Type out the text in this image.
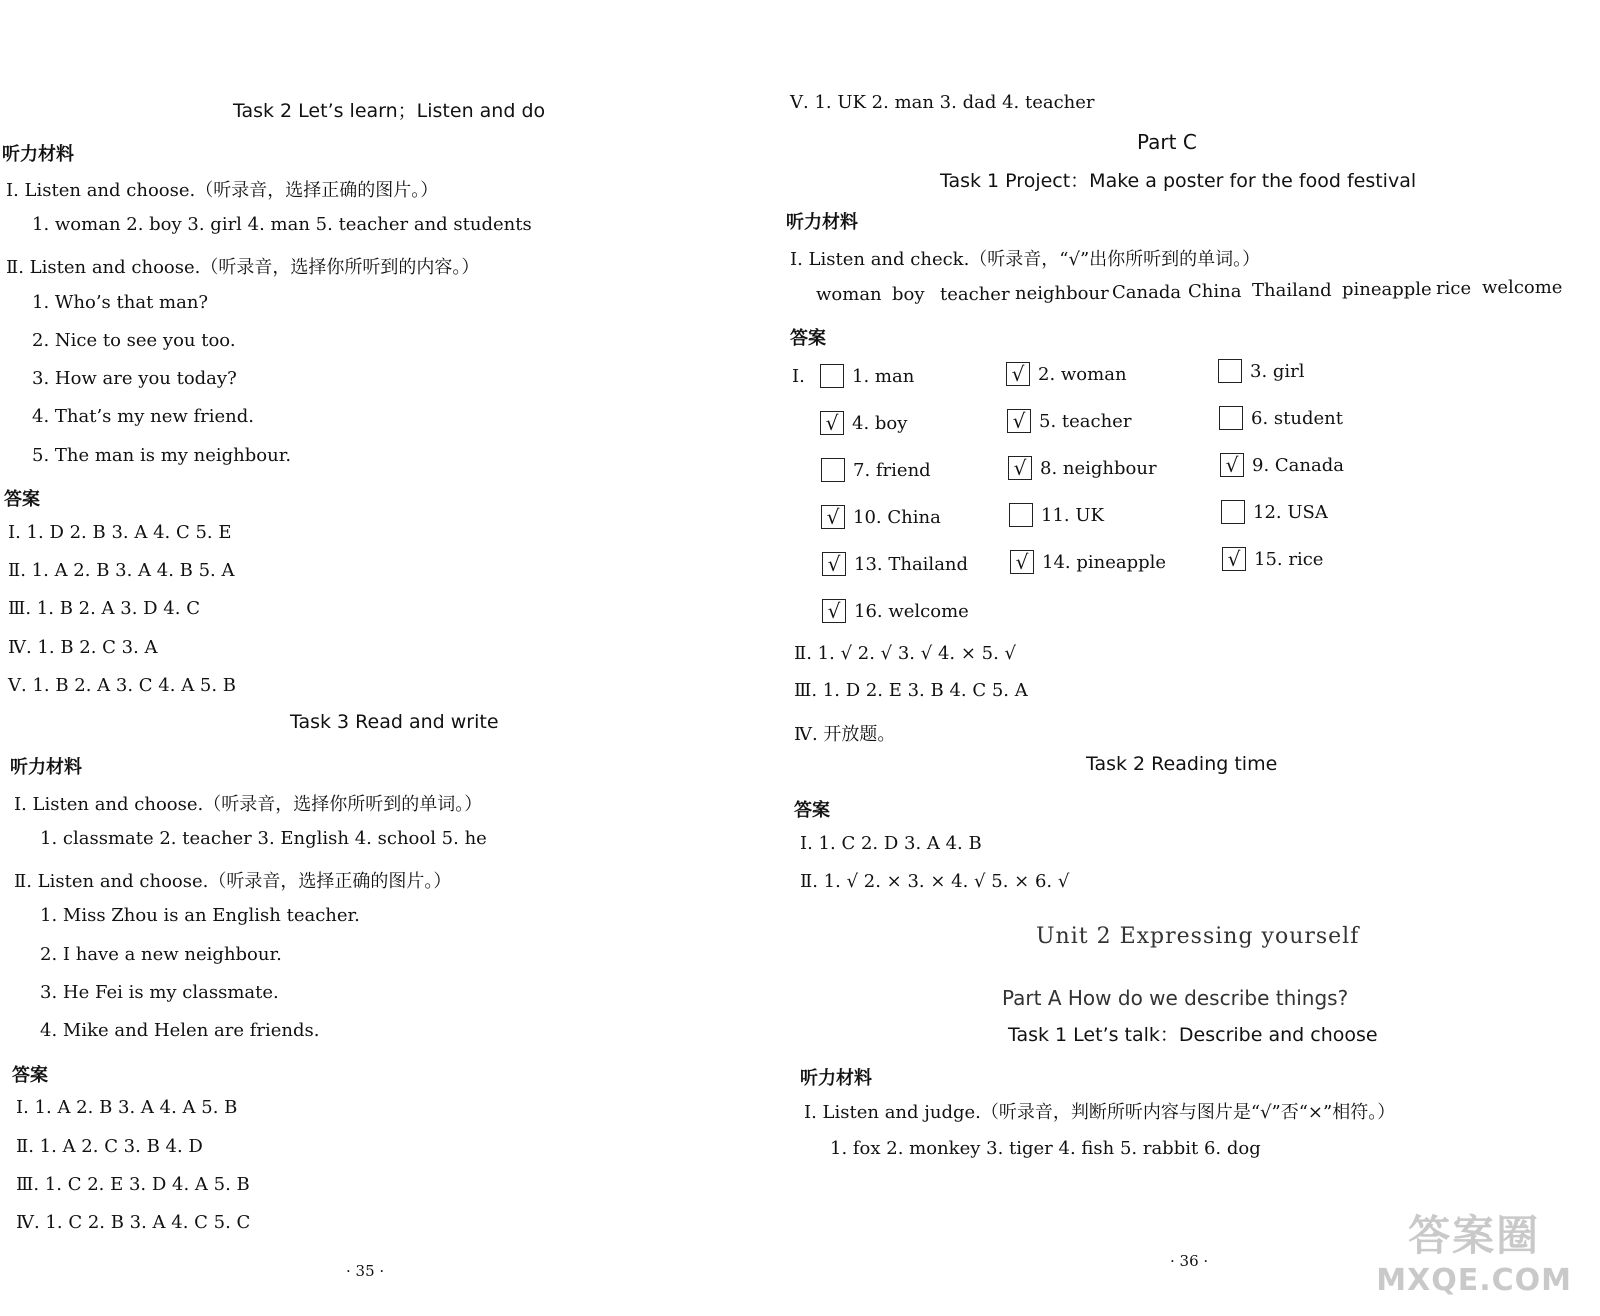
Task 2 Let’s learn；Listen and do
听力材料
Ⅰ. Listen and choose.（听录音，选择正确的图片。）
1. woman 2. boy 3. girl 4. man 5. teacher and students
Ⅱ. Listen and choose.（听录音，选择你所听到的内容。）
1. Who’s that man?
2. Nice to see you too.
3. How are you today?
4. That’s my new friend.
5. The man is my neighbour.
答案
Ⅰ. 1. D 2. B 3. A 4. C 5. E
Ⅱ. 1. A 2. B 3. A 4. B 5. A
Ⅲ. 1. B 2. A 3. D 4. C
Ⅳ. 1. B 2. C 3. A
Ⅴ. 1. B 2. A 3. C 4. A 5. B
Task 3 Read and write
听力材料
Ⅰ. Listen and choose.（听录音，选择你所听到的单词。）
1. classmate 2. teacher 3. English 4. school 5. he
Ⅱ. Listen and choose.（听录音，选择正确的图片。）
1. Miss Zhou is an English teacher.
2. I have a new neighbour.
3. He Fei is my classmate.
4. Mike and Helen are friends.
答案
Ⅰ. 1. A 2. B 3. A 4. A 5. B
Ⅱ. 1. A 2. C 3. B 4. D
Ⅲ. 1. C 2. E 3. D 4. A 5. B
Ⅳ. 1. C 2. B 3. A 4. C 5. C
· 35 ·
Ⅴ. 1. UK 2. man 3. dad 4. teacher
Part C
Task 1 Project：Make a poster for the food festival
听力材料
Ⅰ. Listen and check.（听录音，“√”出你所听到的单词。）
woman boy teacher neighbour Canada China Thailand pineapple rice welcome
答案
Ⅰ.	1. man	√ 2. woman	3. girl
√ 4. boy	√ 5. teacher	6. student
7. friend	√ 8. neighbour	√ 9. Canada
√ 10. China	11. UK	12. USA
√ 13. Thailand √ 14. pineapple	√ 15. rice
√ 16. welcome
Ⅱ. 1. √ 2. √ 3. √ 4. × 5. √
Ⅲ. 1. D 2. E 3. B 4. C 5. A
Ⅳ. 开放题。
Task 2 Reading time
答案
Ⅰ. 1. C 2. D 3. A 4. B
Ⅱ. 1. √ 2. × 3. × 4. √ 5. × 6. √
Unit 2 Expressing yourself
Part A How do we describe things?
Task 1 Let’s talk：Describe and choose
听力材料
Ⅰ. Listen and judge.（听录音，判断所听内容与图片是“√”否“×”相符。）
1. fox 2. monkey 3. tiger 4. fish 5. rabbit 6. dog
· 36 ·
答案圈
MXQE.COM
